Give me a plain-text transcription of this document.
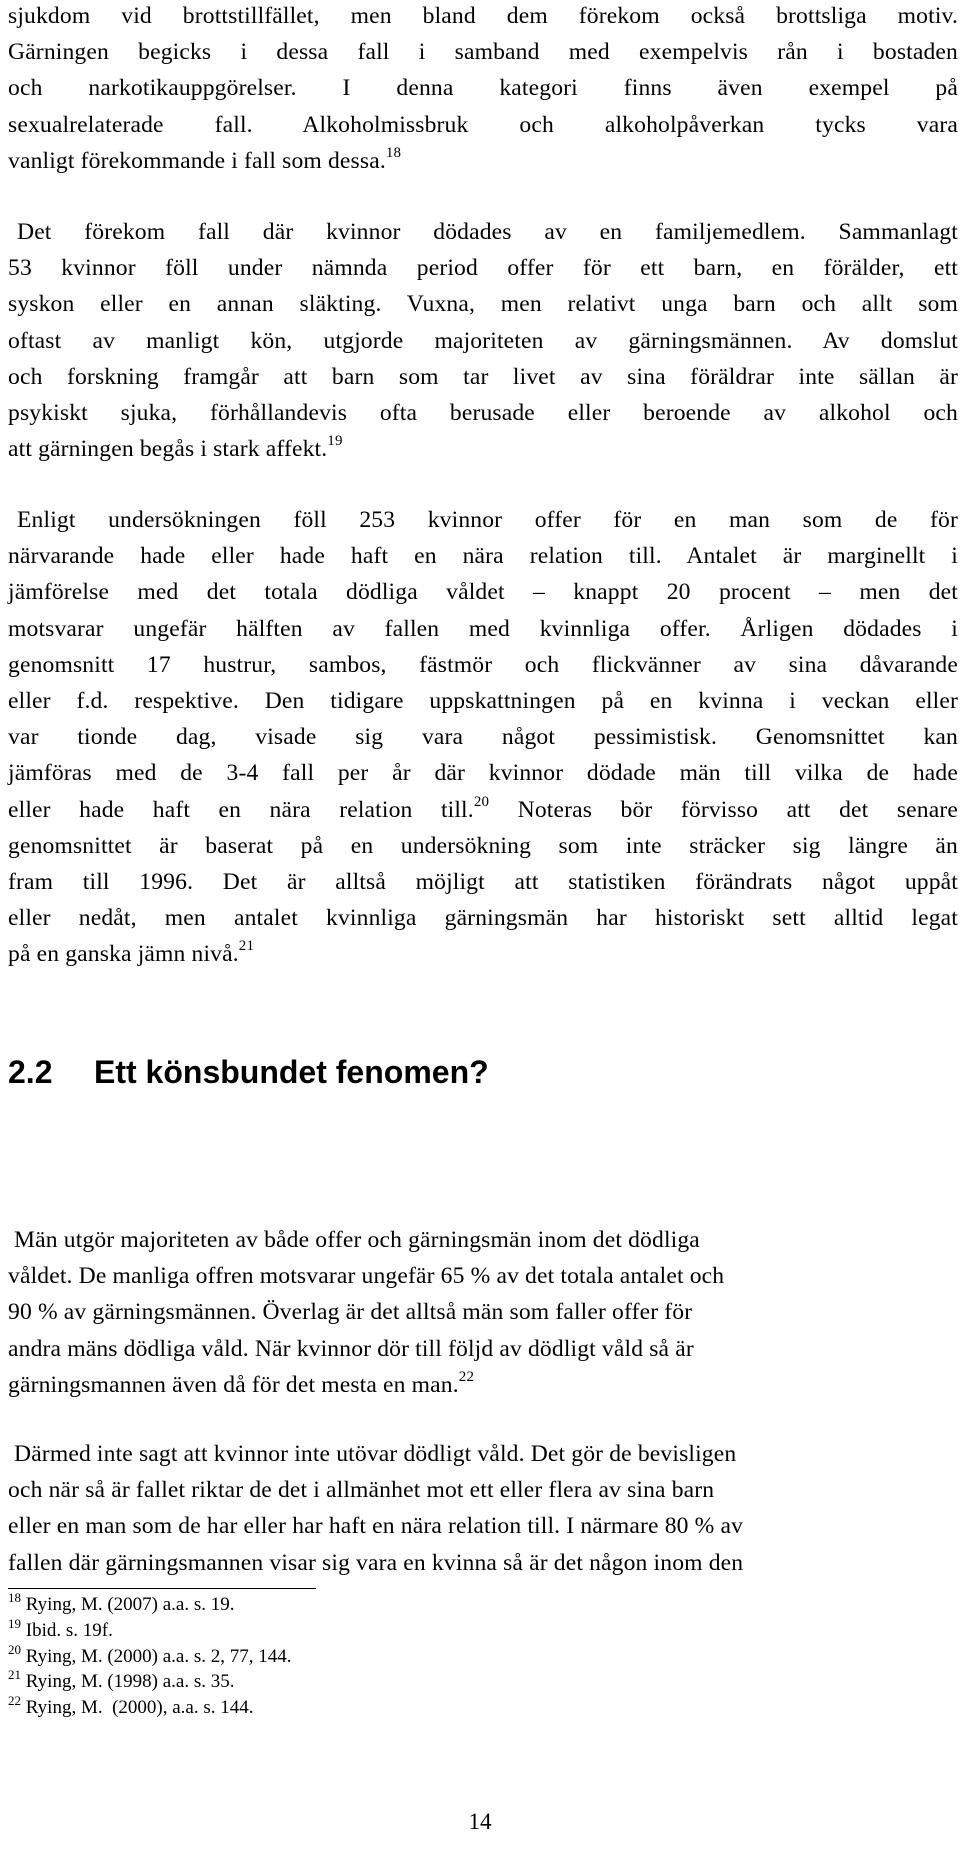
sjukdom vid brottstillfället, men bland dem förekom också brottsliga motiv.
Gärningen begicks i dessa fall i samband med exempelvis rån i bostaden
och narkotikauppgörelser. I denna kategori finns även exempel på
sexualrelaterade fall. Alkoholmissbruk och alkoholpåverkan tycks vara
vanligt förekommande i fall som dessa.$^{18}$
Det förekom fall där kvinnor dödades av en familjemedlem. Sammanlagt
53 kvinnor föll under nämnda period offer för ett barn, en förälder, ett
syskon eller en annan släkting. Vuxna, men relativt unga barn och allt som
oftast av manligt kön, utgjorde majoriteten av gärningsmännen. Av domslut
och forskning framgår att barn som tar livet av sina föräldrar inte sällan är
psykiskt sjuka, förhållandevis ofta berusade eller beroende av alkohol och
att gärningen begås i stark affekt.$^{19}$
Enligt undersökningen föll 253 kvinnor offer för en man som de för
närvarande hade eller hade haft en nära relation till. Antalet är marginellt i
jämförelse med det totala dödliga våldet – knappt 20 procent – men det
motsvarar ungefär hälften av fallen med kvinnliga offer. Årligen dödades i
genomsnitt 17 hustrur, sambos, fästmör och flickvänner av sina dåvarande
eller f.d. respektive. Den tidigare uppskattningen på en kvinna i veckan eller
var tionde dag, visade sig vara något pessimistisk. Genomsnittet kan
jämföras med de 3-4 fall per år där kvinnor dödade män till vilka de hade
eller hade haft en nära relation till.$^{20}$ Noteras bör förvisso att det senare
genomsnittet är baserat på en undersökning som inte sträcker sig längre än
fram till 1996. Det är alltså möjligt att statistiken förändrats något uppåt
eller nedåt, men antalet kvinnliga gärningsmän har historiskt sett alltid legat
på en ganska jämn nivå.$^{21}$
2.2 Ett könsbundet fenomen?
Män utgör majoriteten av både offer och gärningsmän inom det dödliga
våldet. De manliga offren motsvarar ungefär 65 % av det totala antalet och
90 % av gärningsmännen. Överlag är det alltså män som faller offer för
andra mäns dödliga våld. När kvinnor dör till följd av dödligt våld så är
gärningsmannen även då för det mesta en man.$^{22}$
Därmed inte sagt att kvinnor inte utövar dödligt våld. Det gör de bevisligen
och när så är fallet riktar de det i allmänhet mot ett eller flera av sina barn
eller en man som de har eller har haft en nära relation till. I närmare 80 % av
fallen där gärningsmannen visar sig vara en kvinna så är det någon inom den
$^{18}$ Rying, M. (2007) a.a. s. 19.
$^{19}$ Ibid. s. 19f.
$^{20}$ Rying, M. (2000) a.a. s. 2, 77, 144.
$^{21}$ Rying, M. (1998) a.a. s. 35.
$^{22}$ Rying, M.  (2000), a.a. s. 144.

14
